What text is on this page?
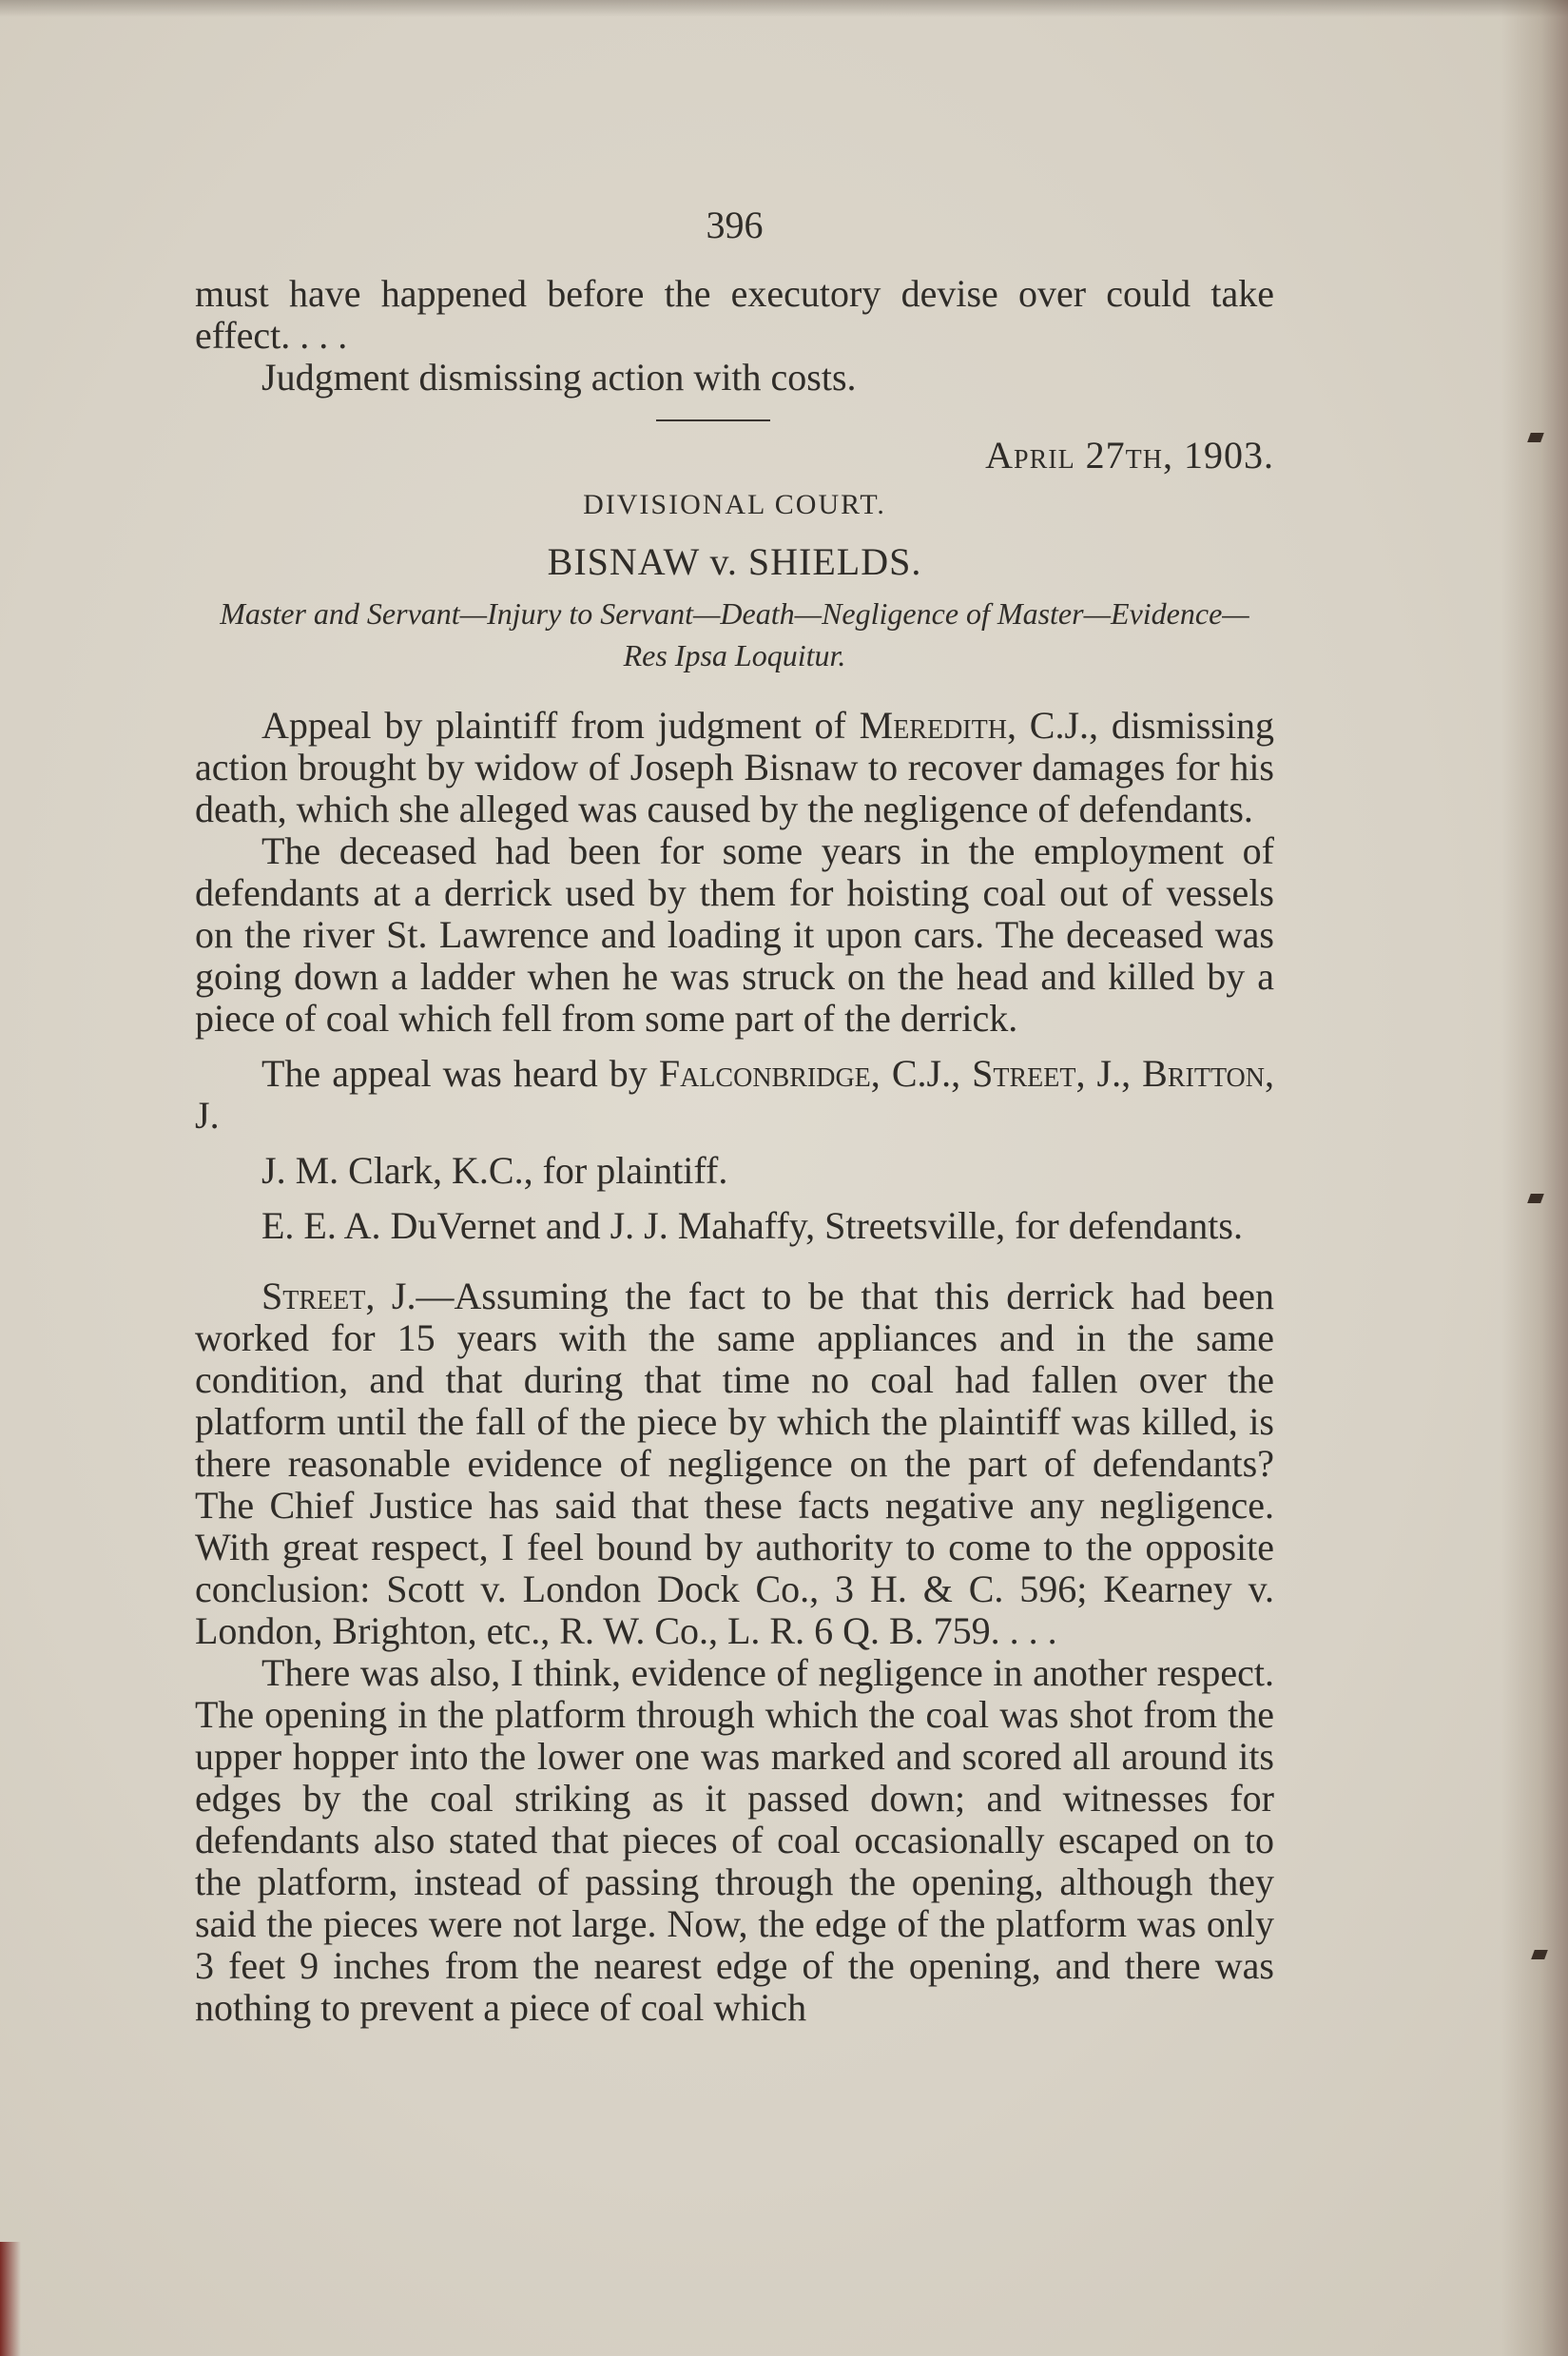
396

must have happened before the executory devise over could take effect. . . .

Judgment dismissing action with costs.

April 27th, 1903.
DIVISIONAL COURT.
BISNAW v. SHIELDS.
Master and Servant—Injury to Servant—Death—Negligence of Master—Evidence—Res Ipsa Loquitur.

Appeal by plaintiff from judgment of Meredith, C.J., dismissing action brought by widow of Joseph Bisnaw to recover damages for his death, which she alleged was caused by the negligence of defendants.

The deceased had been for some years in the employment of defendants at a derrick used by them for hoisting coal out of vessels on the river St. Lawrence and loading it upon cars. The deceased was going down a ladder when he was struck on the head and killed by a piece of coal which fell from some part of the derrick.

The appeal was heard by Falconbridge, C.J., Street, J., Britton, J.

J. M. Clark, K.C., for plaintiff.

E. E. A. DuVernet and J. J. Mahaffy, Streetsville, for defendants.

Street, J.—Assuming the fact to be that this derrick had been worked for 15 years with the same appliances and in the same condition, and that during that time no coal had fallen over the platform until the fall of the piece by which the plaintiff was killed, is there reasonable evidence of negligence on the part of defendants? The Chief Justice has said that these facts negative any negligence. With great respect, I feel bound by authority to come to the opposite conclusion: Scott v. London Dock Co., 3 H. & C. 596; Kearney v. London, Brighton, etc., R. W. Co., L. R. 6 Q. B. 759. . . .

There was also, I think, evidence of negligence in another respect. The opening in the platform through which the coal was shot from the upper hopper into the lower one was marked and scored all around its edges by the coal striking as it passed down; and witnesses for defendants also stated that pieces of coal occasionally escaped on to the platform, instead of passing through the opening, although they said the pieces were not large. Now, the edge of the platform was only 3 feet 9 inches from the nearest edge of the opening, and there was nothing to prevent a piece of coal which
